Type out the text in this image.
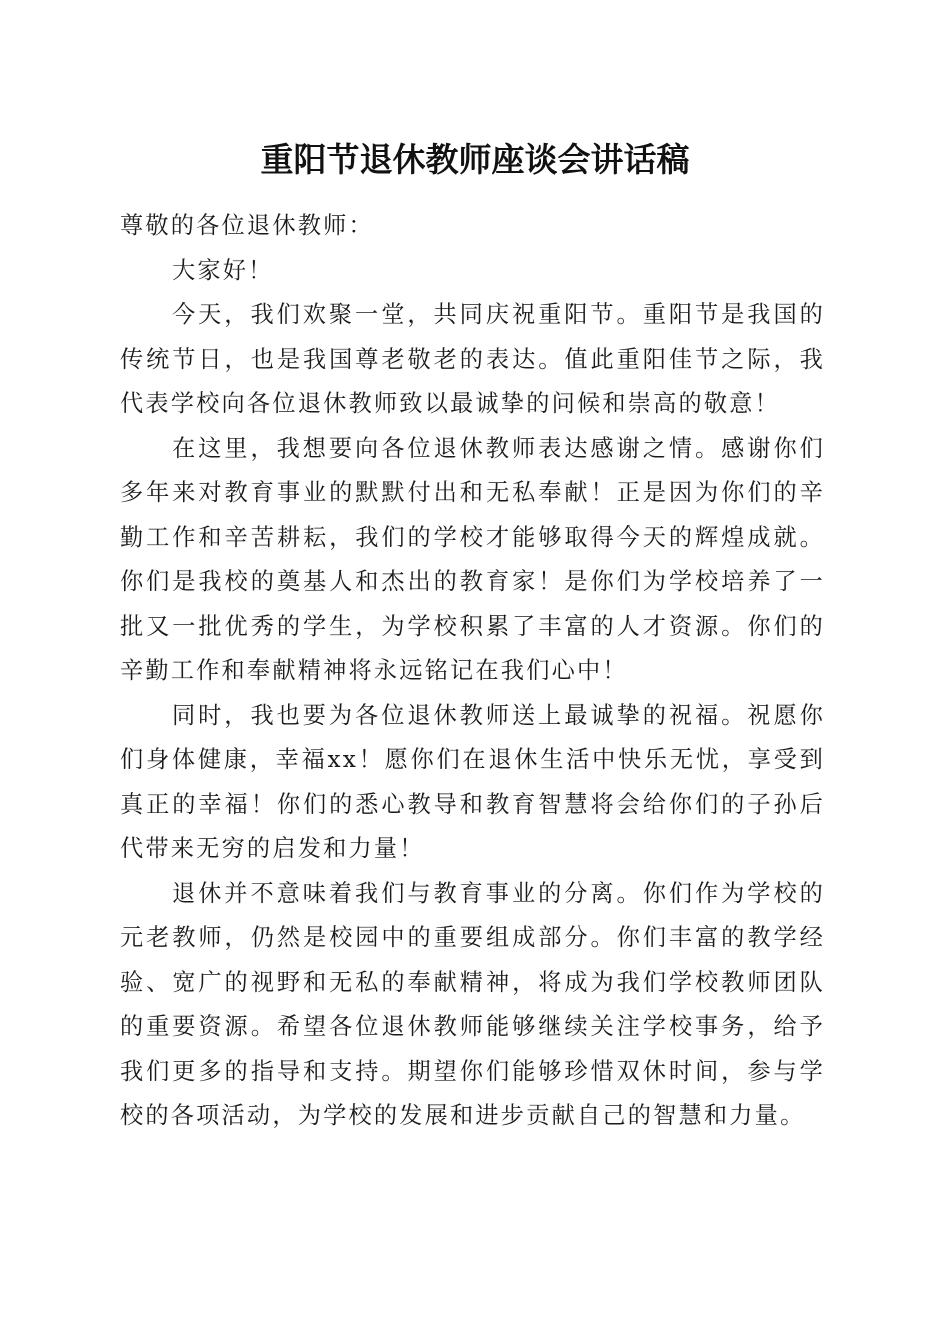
重阳节退休教师座谈会讲话稿

尊敬的各位退休教师：

大家好！

今天，我们欢聚一堂，共同庆祝重阳节。重阳节是我国的传统节日，也是我国尊老敬老的表达。值此重阳佳节之际，我代表学校向各位退休教师致以最诚挚的问候和崇高的敬意！

在这里，我想要向各位退休教师表达感谢之情。感谢你们多年来对教育事业的默默付出和无私奉献！正是因为你们的辛勤工作和辛苦耕耘，我们的学校才能够取得今天的辉煌成就。你们是我校的奠基人和杰出的教育家！是你们为学校培养了一批又一批优秀的学生，为学校积累了丰富的人才资源。你们的辛勤工作和奉献精神将永远铭记在我们心中！

同时，我也要为各位退休教师送上最诚挚的祝福。祝愿你们身体健康，幸福xx！愿你们在退休生活中快乐无忧，享受到真正的幸福！你们的悉心教导和教育智慧将会给你们的子孙后代带来无穷的启发和力量！

退休并不意味着我们与教育事业的分离。你们作为学校的元老教师，仍然是校园中的重要组成部分。你们丰富的教学经验、宽广的视野和无私的奉献精神，将成为我们学校教师团队的重要资源。希望各位退休教师能够继续关注学校事务，给予我们更多的指导和支持。期望你们能够珍惜双休时间，参与学校的各项活动，为学校的发展和进步贡献自己的智慧和力量。
